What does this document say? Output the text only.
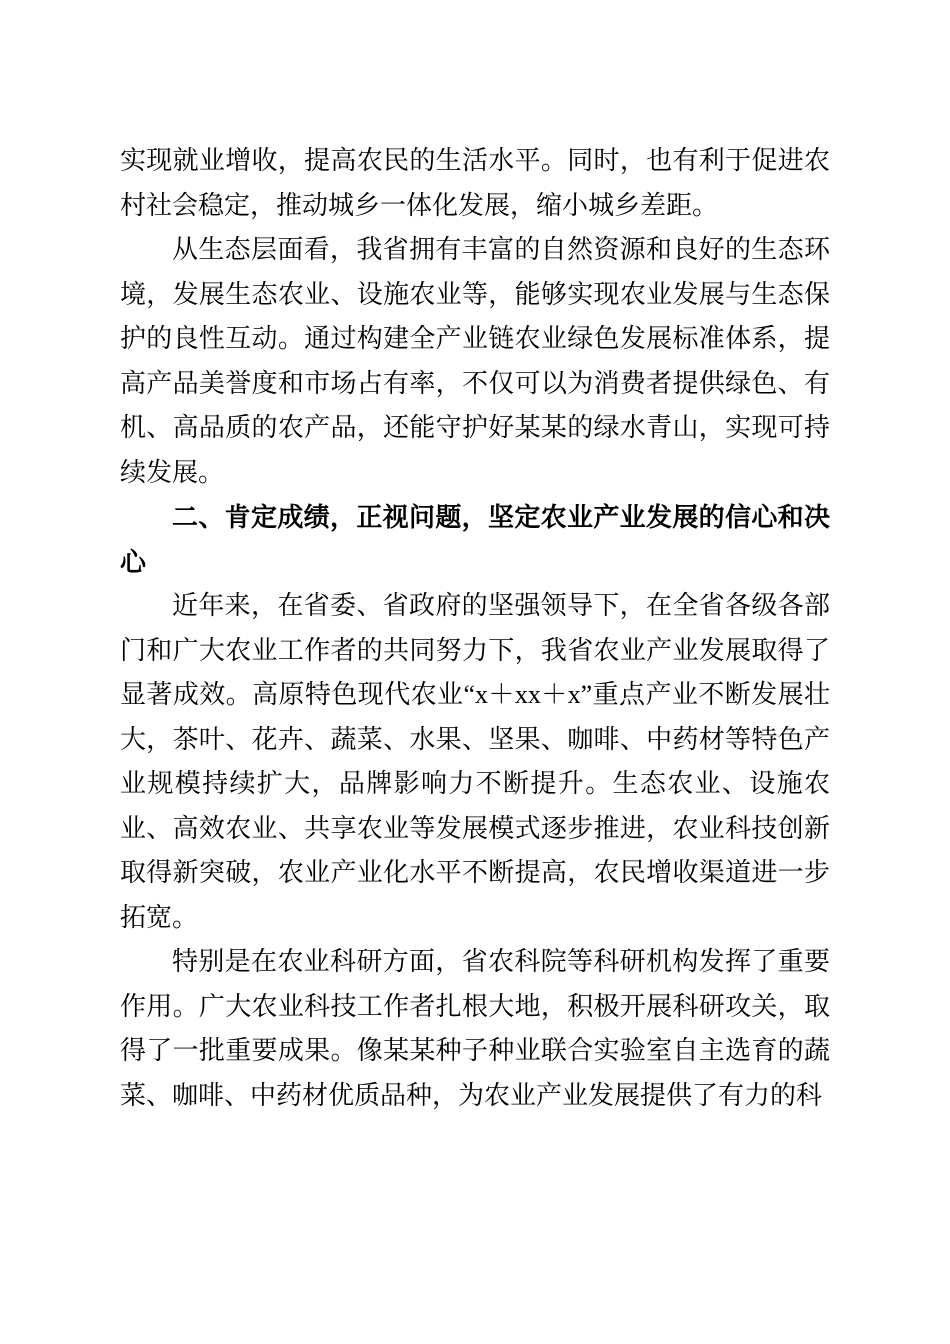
实现就业增收，提高农民的生活水平。同时，也有利于促进农村社会稳定，推动城乡一体化发展，缩小城乡差距。

从生态层面看，我省拥有丰富的自然资源和良好的生态环境，发展生态农业、设施农业等，能够实现农业发展与生态保护的良性互动。通过构建全产业链农业绿色发展标准体系，提高产品美誉度和市场占有率，不仅可以为消费者提供绿色、有机、高品质的农产品，还能守护好某某的绿水青山，实现可持续发展。

二、肯定成绩，正视问题，坚定农业产业发展的信心和决心

近年来，在省委、省政府的坚强领导下，在全省各级各部门和广大农业工作者的共同努力下，我省农业产业发展取得了显著成效。高原特色现代农业“x＋xx＋x”重点产业不断发展壮大，茶叶、花卉、蔬菜、水果、坚果、咖啡、中药材等特色产业规模持续扩大，品牌影响力不断提升。生态农业、设施农业、高效农业、共享农业等发展模式逐步推进，农业科技创新取得新突破，农业产业化水平不断提高，农民增收渠道进一步拓宽。

特别是在农业科研方面，省农科院等科研机构发挥了重要作用。广大农业科技工作者扎根大地，积极开展科研攻关，取得了一批重要成果。像某某种子种业联合实验室自主选育的蔬菜、咖啡、中药材优质品种，为农业产业发展提供了有力的科
